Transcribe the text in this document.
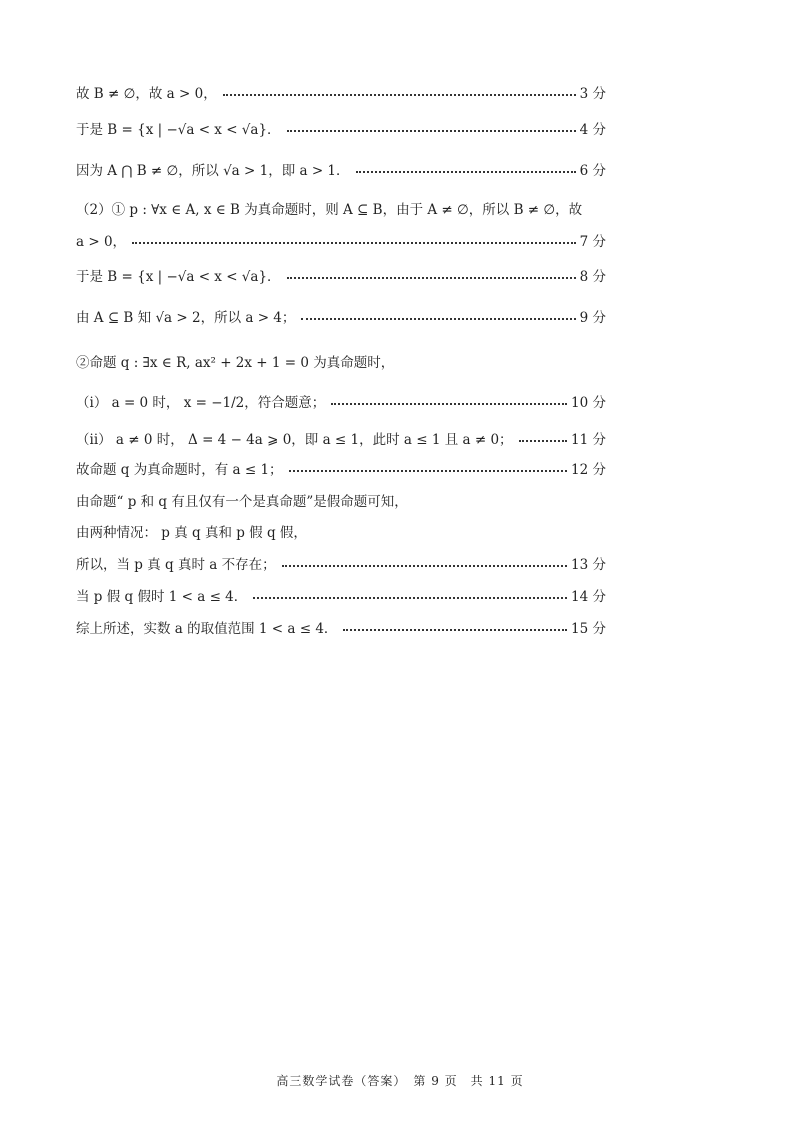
故 B ≠ ∅，故 a > 0，	3 分
于是 B = {x | −√a < x < √a}．	4 分
因为 A ⋂ B ≠ ∅，所以 √a > 1，即 a > 1．	6 分
（2）① p : ∀x ∈ A, x ∈ B 为真命题时，则 A ⊆ B，由于 A ≠ ∅，所以 B ≠ ∅，故
a > 0，	7 分
于是 B = {x | −√a < x < √a}．	8 分
由 A ⊆ B 知 √a > 2，所以 a > 4；	9 分
②命题 q : ∃x ∈ R, ax² + 2x + 1 = 0 为真命题时，
（i） a = 0 时， x = −1/2，符合题意；	10 分
（ii） a ≠ 0 时， Δ = 4 − 4a ⩾ 0，即 a ≤ 1，此时 a ≤ 1 且 a ≠ 0；	11 分
故命题 q 为真命题时，有 a ≤ 1；	12 分
由命题“ p 和 q 有且仅有一个是真命题”是假命题可知，
由两种情况： p 真 q 真和 p 假 q 假，
所以，当 p 真 q 真时 a 不存在；	13 分
当 p 假 q 假时 1 < a ≤ 4．	14 分
综上所述，实数 a 的取值范围 1 < a ≤ 4．	15 分
高三数学试卷（答案）　第 9 页　共 11 页
